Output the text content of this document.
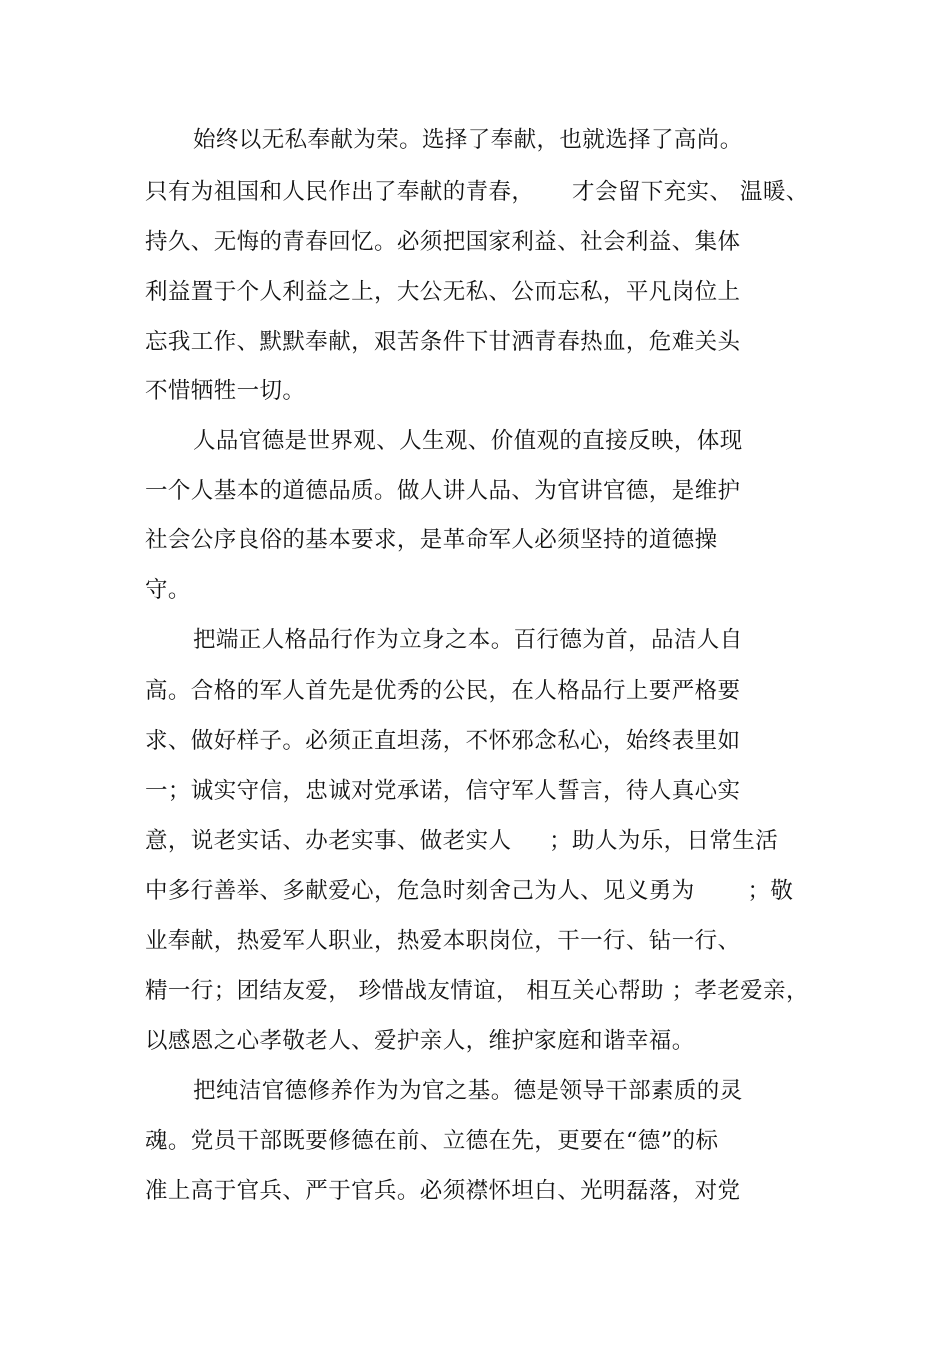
始终以无私奉献为荣。选择了奉献，也就选择了高尚。
只有为祖国和人民作出了奉献的青春，     才会留下充实、 温暖、
持久、无悔的青春回忆。必须把国家利益、社会利益、集体
利益置于个人利益之上，大公无私、公而忘私，平凡岗位上
忘我工作、默默奉献，艰苦条件下甘洒青春热血，危难关头
不惜牺牲一切。
人品官德是世界观、人生观、价值观的直接反映，体现
一个人基本的道德品质。做人讲人品、为官讲官德，是维护
社会公序良俗的基本要求，是革命军人必须坚持的道德操
守。
把端正人格品行作为立身之本。百行德为首，品洁人自
高。合格的军人首先是优秀的公民，在人格品行上要严格要
求、做好样子。必须正直坦荡，不怀邪念私心，始终表里如
一；诚实守信，忠诚对党承诺，信守军人誓言，待人真心实
意，说老实话、办老实事、做老实人     ；助人为乐，日常生活
中多行善举、多献爱心，危急时刻舍己为人、见义勇为       ；敬
业奉献，热爱军人职业，热爱本职岗位，干一行、钻一行、
精一行；团结友爱， 珍惜战友情谊， 相互关心帮助 ；孝老爱亲，
以感恩之心孝敬老人、爱护亲人，维护家庭和谐幸福。
把纯洁官德修养作为为官之基。德是领导干部素质的灵
魂。党员干部既要修德在前、立德在先，更要在“德”的标
准上高于官兵、严于官兵。必须襟怀坦白、光明磊落，对党
